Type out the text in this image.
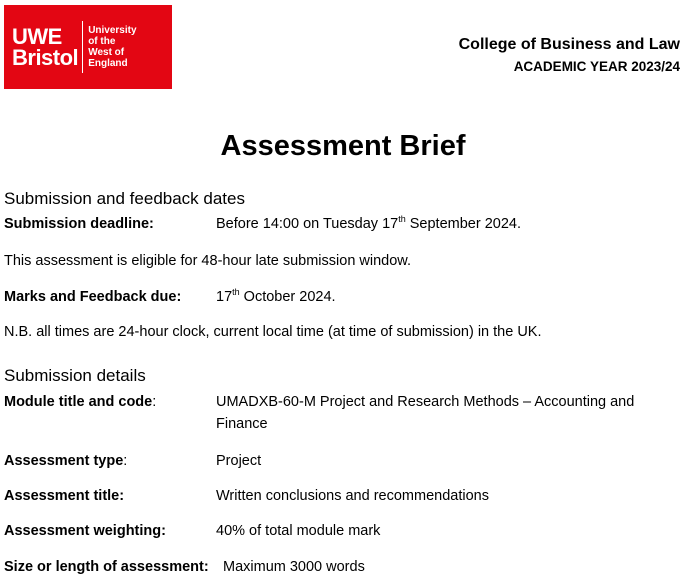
UWE
Bristol
University
of the
West of
England
College of Business and Law
ACADEMIC YEAR 2023/24
Assessment Brief
Submission and feedback dates
Submission deadline:	Before 14:00 on Tuesday 17th September 2024.
This assessment is eligible for 48-hour late submission window.
Marks and Feedback due: 17th October 2024.
N.B. all times are 24-hour clock, current local time (at time of submission) in the UK.
Submission details
Module title and code:	UMADXB-60-M Project and Research Methods – Accounting and Finance
Assessment type:	Project
Assessment title:	Written conclusions and recommendations
Assessment weighting:	40% of total module mark
Size or length of assessment: Maximum 3000 words
